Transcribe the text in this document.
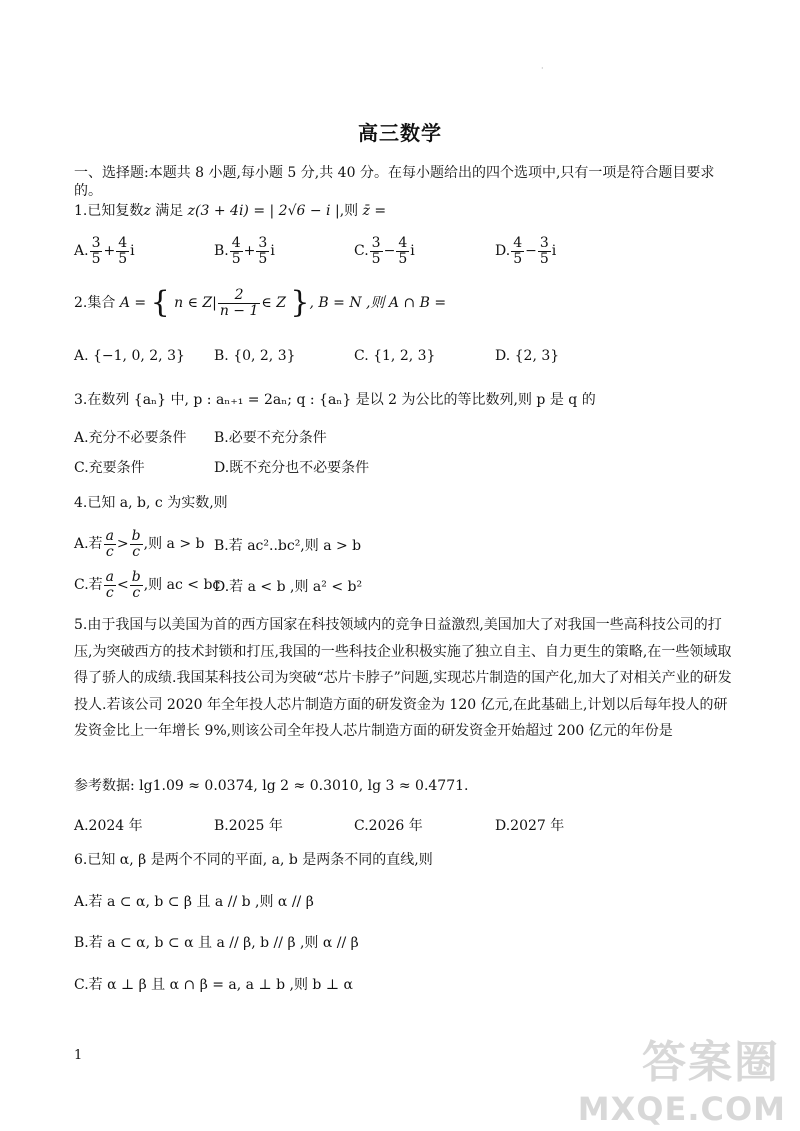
·
高三数学
一、选择题:本题共 8 小题,每小题 5 分,共 40 分。在每小题给出的四个选项中,只有一项是符合题目要求的。
1.已知复数z 满足 z(3 + 4i) = | 2√6 − i |,则 z̄ =
A. $\frac{3}{5} + \frac{4}{5}$ i	B. $\frac{4}{5} + \frac{3}{5}$ i	C. $\frac{3}{5} - \frac{4}{5}$ i	D. $\frac{4}{5} - \frac{3}{5}$ i
2.集合 A = { n ∈ $Z| \frac{2}{n - 1}$ ∈ Z }, B = N ,则 A ∩ B =
A. {−1, 0, 2, 3} B. {0, 2, 3}	C. {1, 2, 3}	D. {2, 3}
3.在数列 {aₙ} 中, p : aₙ₊₁ = 2aₙ; q : {aₙ} 是以 2 为公比的等比数列,则 p 是 q 的
A.充分不必要条件 B.必要不充分条件
C.充要条件	D.既不充分也不必要条件
4.已知 a, b, c 为实数,则
A.若 $\frac{a}{c} > \frac{b}{c}$ ,则 a > b B.若 ac²..bc²,则 a > b
C.若 $\frac{a}{c} < \frac{b}{c}$ ,则 ac < bc
D.若 a < b ,则 a² < b²
5.由于我国与以美国为首的西方国家在科技领域内的竞争日益激烈,美国加大了对我国一些高科技公司的打压,为突破西方的技术封锁和打压,我国的一些科技企业积极实施了独立自主、自力更生的策略,在一些领域取得了骄人的成绩.我国某科技公司为突破“芯片卡脖子”问题,实现芯片制造的国产化,加大了对相关产业的研发投人.若该公司 2020 年全年投人芯片制造方面的研发资金为 120 亿元,在此基础上,计划以后每年投人的研发资金比上一年增长 9%,则该公司全年投人芯片制造方面的研发资金开始超过 200 亿元的年份是
参考数据: lg1.09 ≈ 0.0374, lg 2 ≈ 0.3010, lg 3 ≈ 0.4771.
A.2024 年	B.2025 年	C.2026 年	D.2027 年
6.已知 α, β 是两个不同的平面, a, b 是两条不同的直线,则
A.若 a ⊂ α, b ⊂ β 且 a // b ,则 α // β
B.若 a ⊂ α, b ⊂ α 且 a // β, b // β ,则 α // β
C.若 α ⊥ β 且 α ∩ β = a, a ⊥ b ,则 b ⊥ α
1	答案圈
MXQE.COM
